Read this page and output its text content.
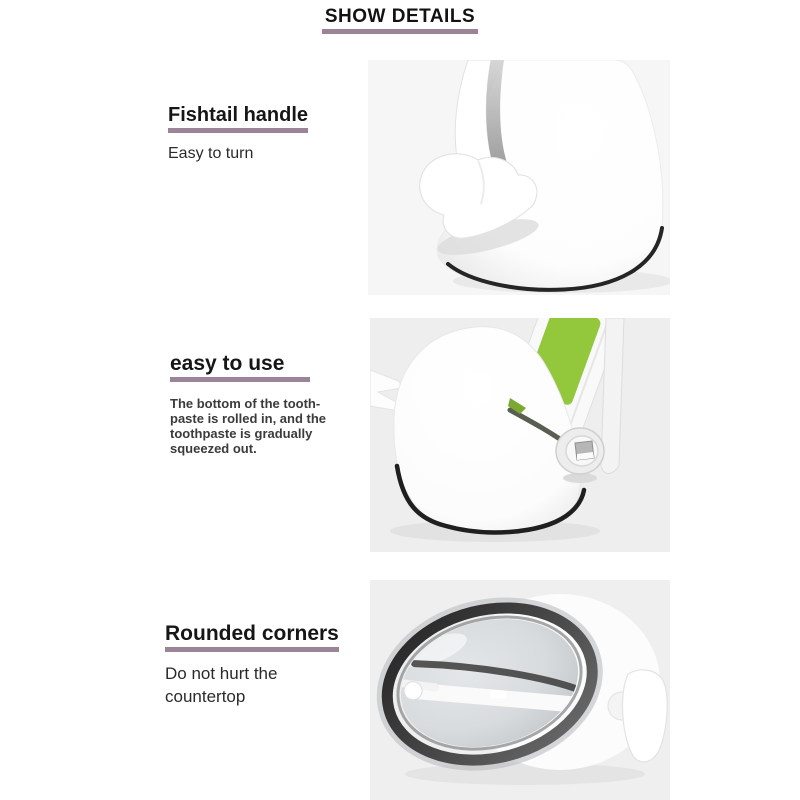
SHOW DETAILS
Fishtail handle
Easy to turn
easy to use
The bottom of the tooth-
paste is rolled in, and the
toothpaste is gradually
squeezed out.
Rounded corners
Do not hurt the
countertop
